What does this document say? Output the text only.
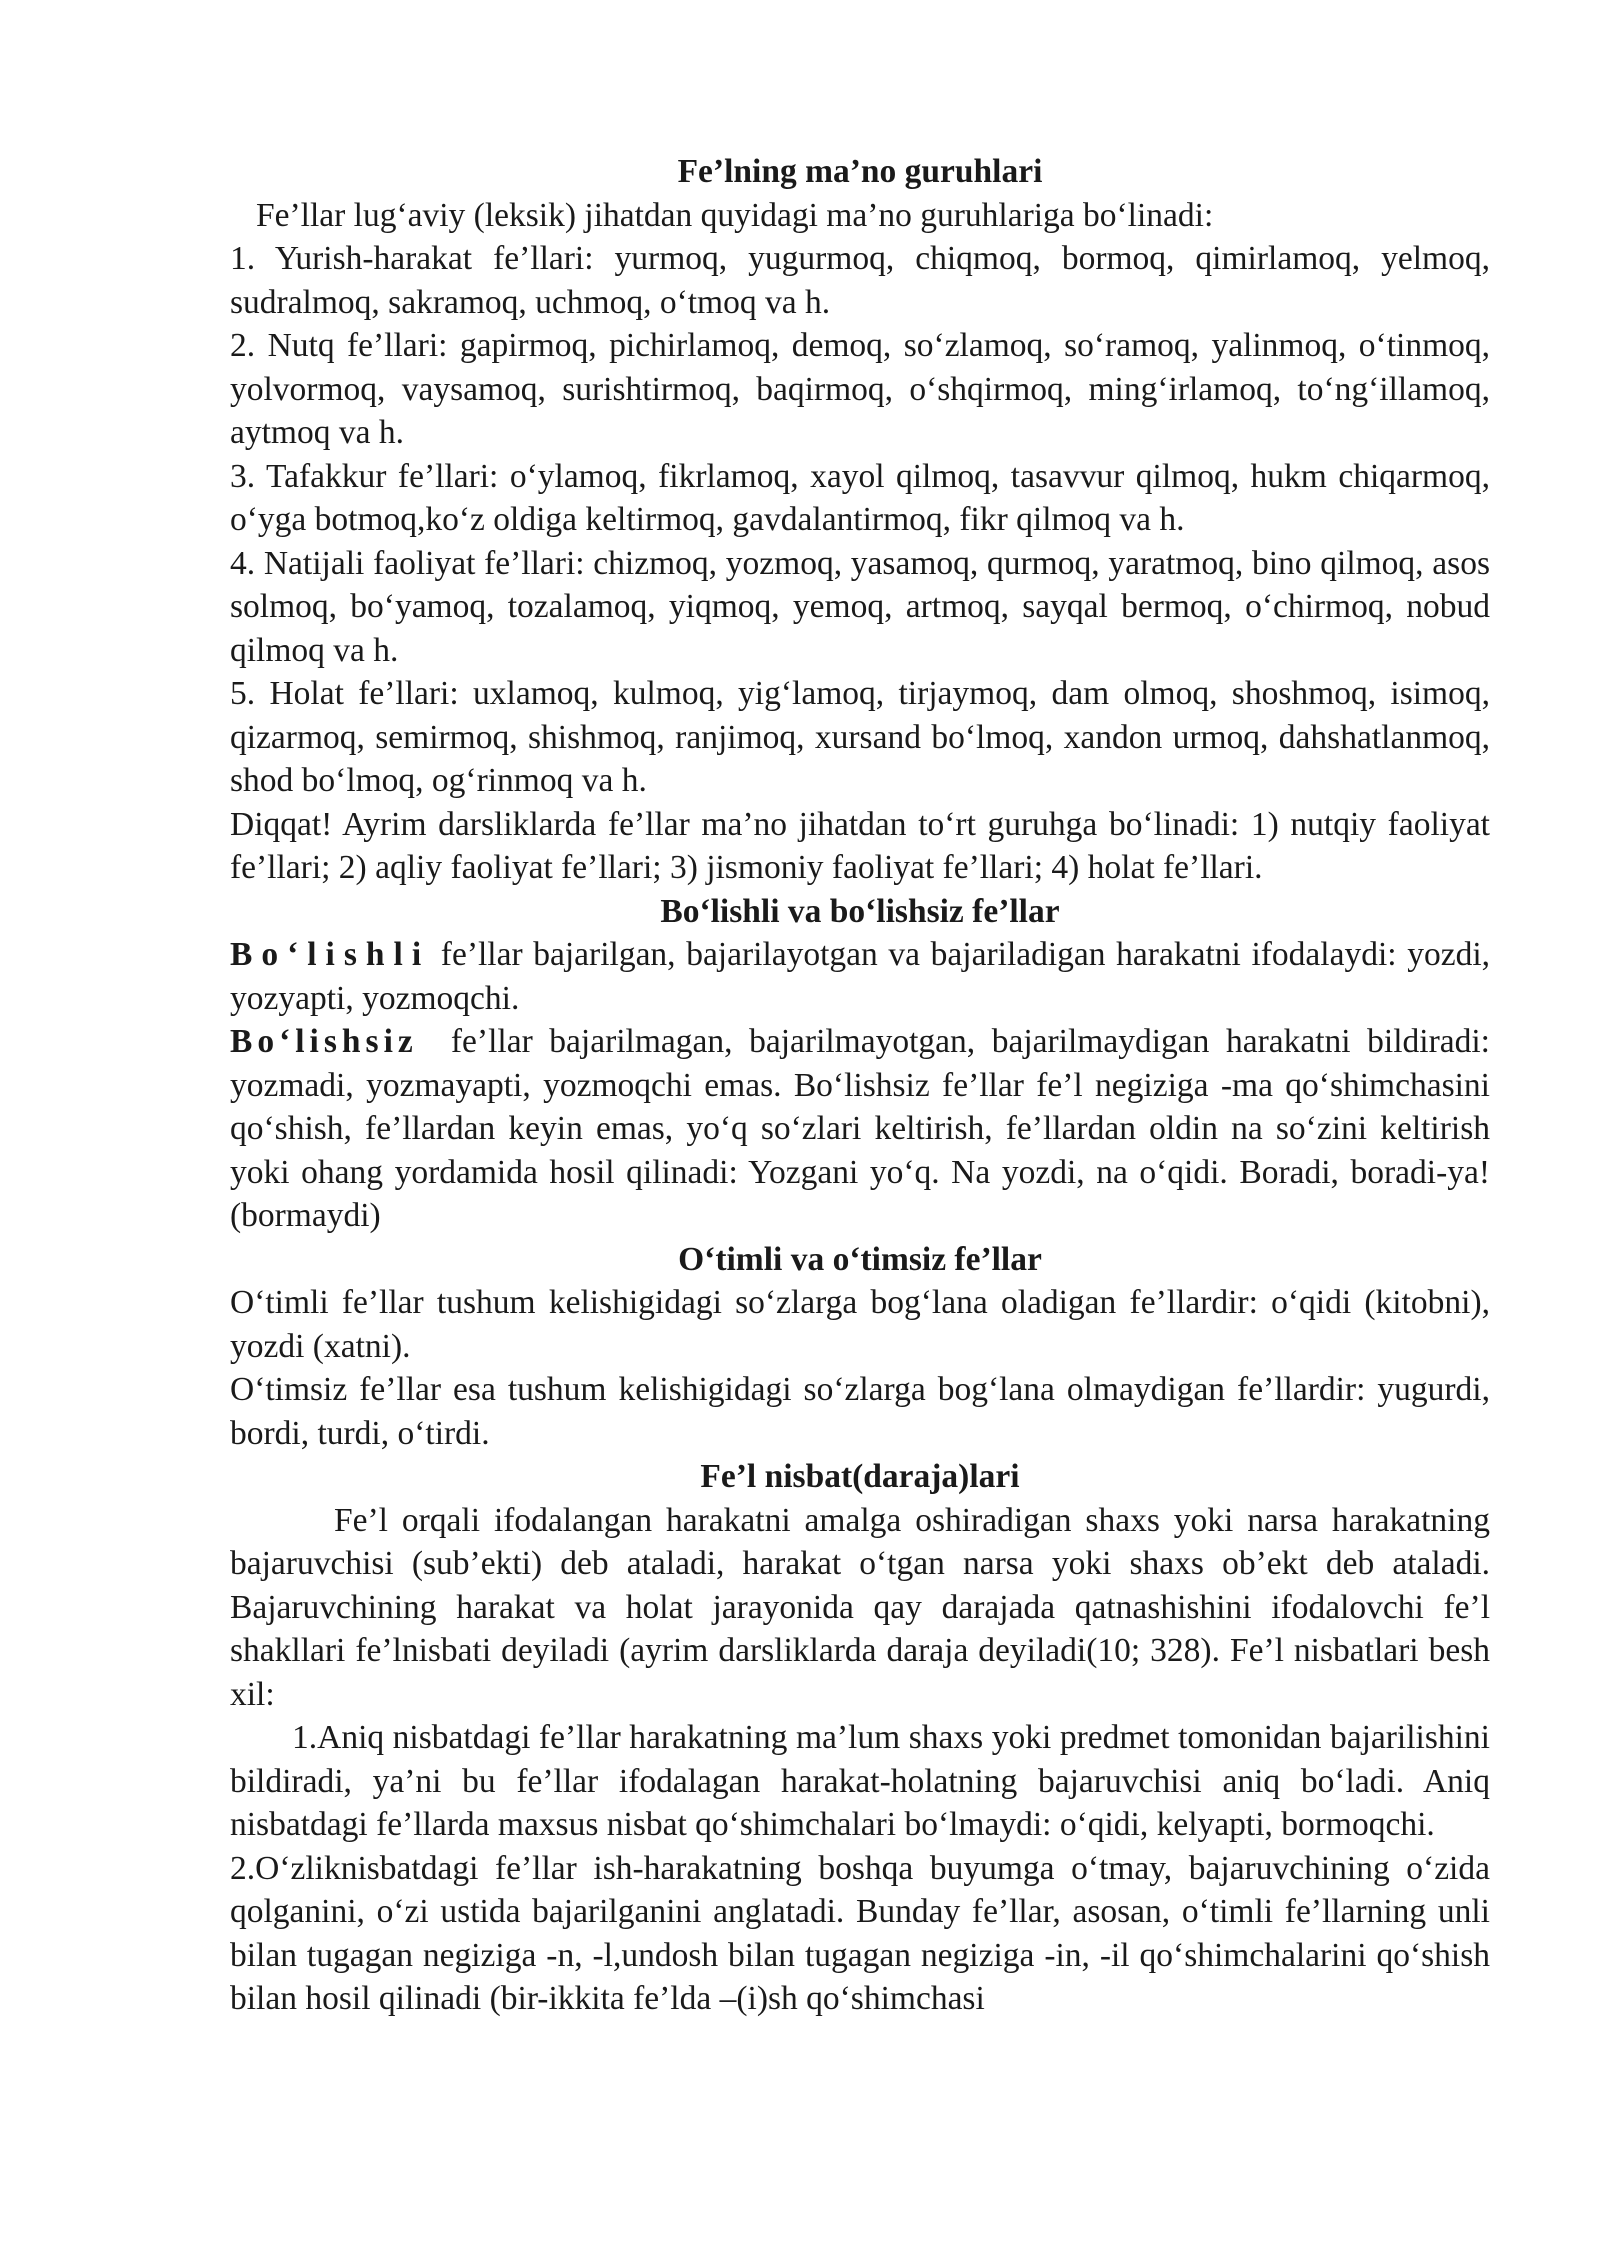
Fe’lning ma’no guruhlari

Fe’llar lug‘aviy (leksik) jihatdan quyidagi ma’no guruhlariga bo‘linadi:

1. Yurish-harakat fe’llari: yurmoq, yugurmoq, chiqmoq, bormoq, qimirlamoq, yelmoq, sudralmoq, sakramoq, uchmoq, o‘tmoq va h.

2. Nutq fe’llari: gapirmoq, pichirlamoq, demoq, so‘zlamoq, so‘ramoq, yalinmoq, o‘tinmoq, yolvormoq, vaysamoq, surishtirmoq, baqirmoq, o‘shqirmoq, ming‘irlamoq, to‘ng‘illamoq, aytmoq va h.

3. Tafakkur fe’llari: o‘ylamoq, fikrlamoq, xayol qilmoq, tasavvur qilmoq, hukm chiqarmoq, o‘yga botmoq,ko‘z oldiga keltirmoq, gavdalantirmoq, fikr qilmoq va h.

4. Natijali faoliyat fe’llari: chizmoq, yozmoq, yasamoq, qurmoq, yaratmoq, bino qilmoq, asos solmoq, bo‘yamoq, tozalamoq, yiqmoq, yemoq, artmoq, sayqal bermoq, o‘chirmoq, nobud qilmoq va h.

5. Holat fe’llari: uxlamoq, kulmoq, yig‘lamoq, tirjaymoq, dam olmoq, shoshmoq, isimoq, qizarmoq, semirmoq, shishmoq, ranjimoq, xursand bo‘lmoq, xandon urmoq, dahshatlanmoq, shod bo‘lmoq, og‘rinmoq va h.

Diqqat! Ayrim darsliklarda fe’llar ma’no jihatdan to‘rt guruhga bo‘linadi: 1) nutqiy faoliyat fe’llari; 2) aqliy faoliyat fe’llari; 3) jismoniy faoliyat fe’llari; 4) holat fe’llari.

Bo‘lishli va bo‘lishsiz fe’llar

Bo‘lishli fe’llar bajarilgan, bajarilayotgan va bajariladigan harakatni ifodalaydi: yozdi, yozyapti, yozmoqchi.

Bo‘lishsiz fe’llar bajarilmagan, bajarilmayotgan, bajarilmaydigan harakatni bildiradi: yozmadi, yozmayapti, yozmoqchi emas. Bo‘lishsiz fe’llar fe’l negiziga -ma qo‘shimchasini qo‘shish, fe’llardan keyin emas, yo‘q so‘zlari keltirish, fe’llardan oldin na so‘zini keltirish yoki ohang yordamida hosil qilinadi: Yozgani yo‘q. Na yozdi, na o‘qidi. Boradi, boradi-ya! (bormaydi)

O‘timli va o‘timsiz fe’llar

O‘timli fe’llar tushum kelishigidagi so‘zlarga bog‘lana oladigan fe’llardir: o‘qidi (kitobni), yozdi (xatni).

O‘timsiz fe’llar esa tushum kelishigidagi so‘zlarga bog‘lana olmaydigan fe’llardir: yugurdi, bordi, turdi, o‘tirdi.

Fe’l nisbat(daraja)lari

Fe’l orqali ifodalangan harakatni amalga oshiradigan shaxs yoki narsa harakatning bajaruvchisi (sub’ekti) deb ataladi, harakat o‘tgan narsa yoki shaxs ob’ekt deb ataladi. Bajaruvchining harakat va holat jarayonida qay darajada qatnashishini ifodalovchi fe’l shakllari fe’lnisbati deyiladi (ayrim darsliklarda daraja deyiladi(10; 328). Fe’l nisbatlari besh xil:

1.Aniq nisbatdagi fe’llar harakatning ma’lum shaxs yoki predmet tomonidan bajarilishini bildiradi, ya’ni bu fe’llar ifodalagan harakat-holatning bajaruvchisi aniq bo‘ladi. Aniq nisbatdagi fe’llarda maxsus nisbat qo‘shimchalari bo‘lmaydi: o‘qidi, kelyapti, bormoqchi.

2.O‘zliknisbatdagi fe’llar ish-harakatning boshqa buyumga o‘tmay, bajaruvchining o‘zida qolganini, o‘zi ustida bajarilganini anglatadi. Bunday fe’llar, asosan, o‘timli fe’llarning unli bilan tugagan negiziga -n, -l,undosh bilan tugagan negiziga -in, -il qo‘shimchalarini qo‘shish bilan hosil qilinadi (bir-ikkita fe’lda –(i)sh qo‘shimchasi
